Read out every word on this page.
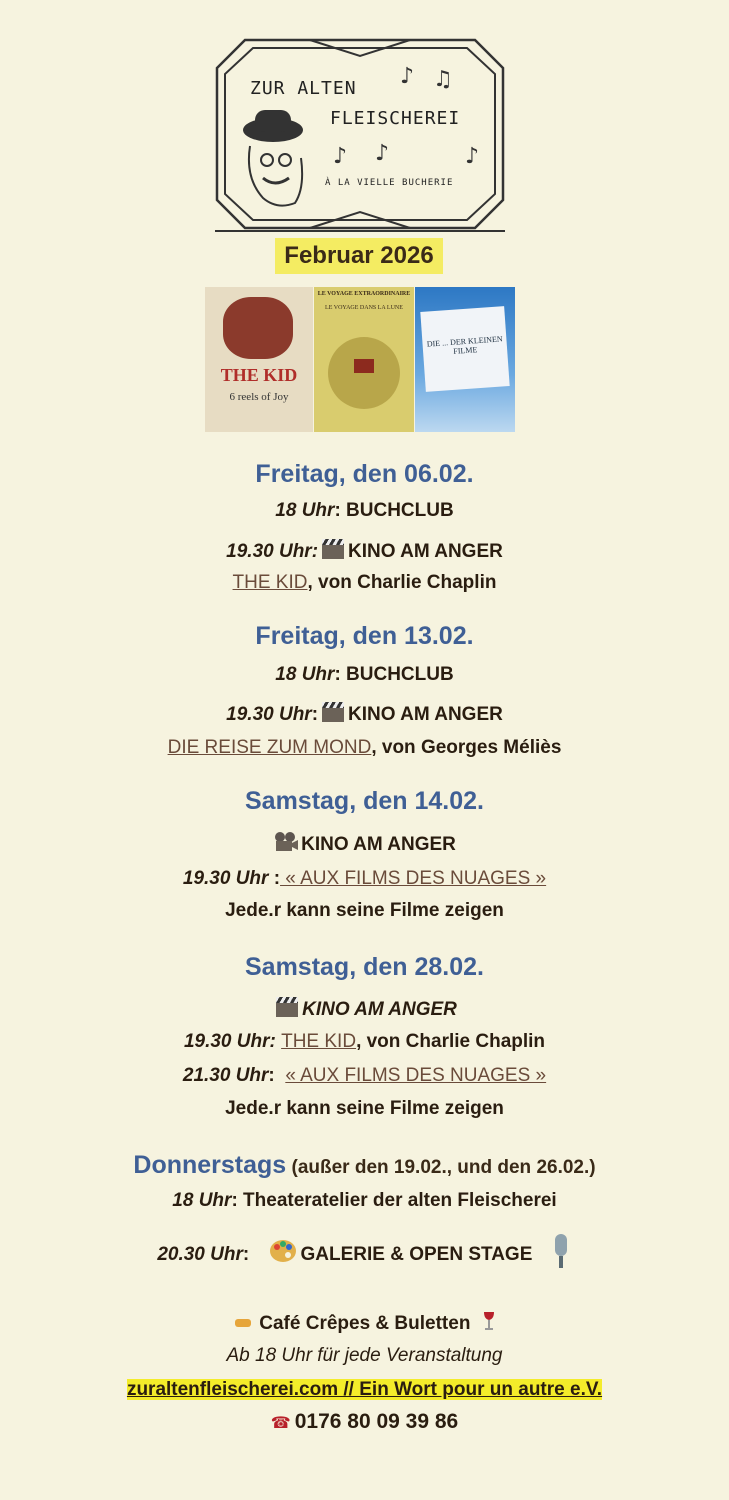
♪ ♫
♪ ♪	♪
ZUR ALTEN
FLEISCHEREI
À LA VIELLE BUCHERIE
Februar 2026
THE KID
6 reels of Joy
LE VOYAGE EXTRAORDINAIRE
LE VOYAGE DANS LA LUNE
DIE ... DER KLEINEN FILME
Freitag, den 06.02.
18 Uhr: BUCHCLUB
19.30 Uhr: KINO AM ANGER
THE KID, von Charlie Chaplin
Freitag, den 13.02.
18 Uhr: BUCHCLUB
19.30 Uhr: KINO AM ANGER
DIE REISE ZUM MOND, von Georges Méliès
Samstag, den 14.02.
KINO AM ANGER
19.30 Uhr : « AUX FILMS DES NUAGES »
Jede.r kann seine Filme zeigen
Samstag, den 28.02.
KINO AM ANGER
19.30 Uhr: THE KID, von Charlie Chaplin
21.30 Uhr: « AUX FILMS DES NUAGES »
Jede.r kann seine Filme zeigen
Donnerstags (außer den 19.02., und den 26.02.)
18 Uhr: Theateratelier der alten Fleischerei
20.30 Uhr:	GALERIE & OPEN STAGE
Café Crêpes & Buletten
Ab 18 Uhr für jede Veranstaltung
zuraltenfleischerei.com // Ein Wort pour un autre e.V.
☎ 0176 80 09 39 86
